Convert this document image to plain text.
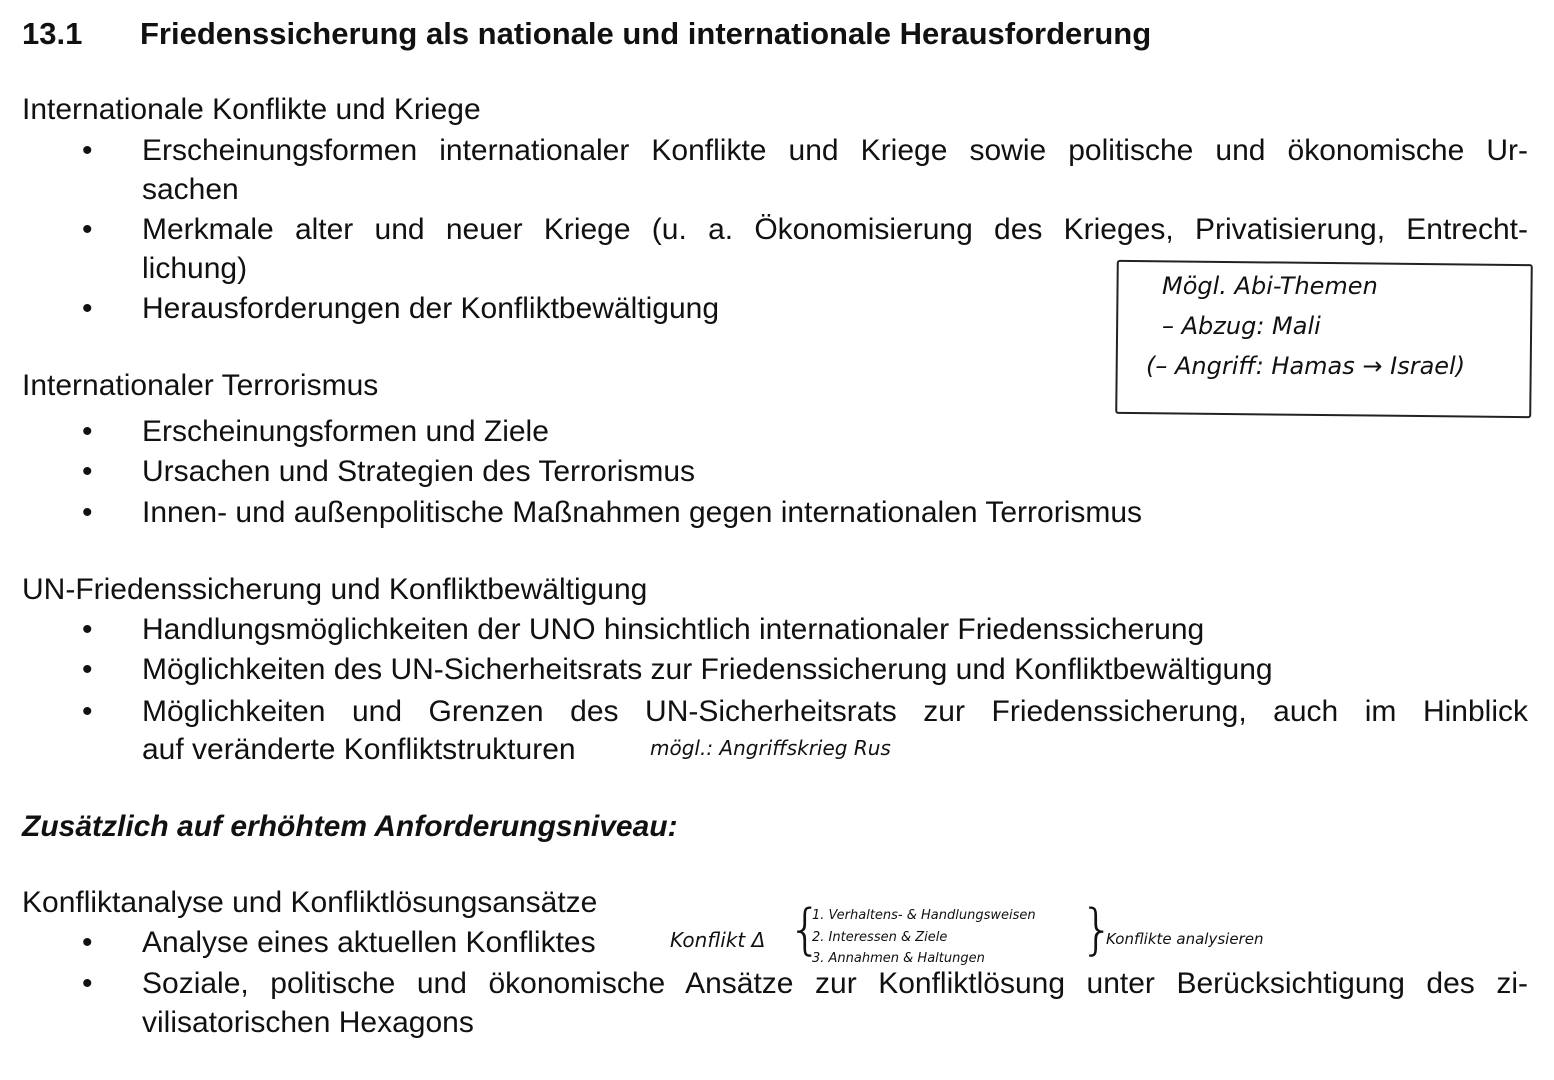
13.1 Friedenssicherung als nationale und internationale Herausforderung
Internationale Konflikte und Kriege
• Erscheinungsformen internationaler Konflikte und Kriege sowie politische und ökonomische Ur-
sachen
• Merkmale alter und neuer Kriege (u. a. Ökonomisierung des Krieges, Privatisierung, Entrecht-
lichung)
• Herausforderungen der Konfliktbewältigung
Mögl. Abi-Themen
– Abzug: Mali
(– Angriff: Hamas → Israel)
Internationaler Terrorismus
• Erscheinungsformen und Ziele
• Ursachen und Strategien des Terrorismus
• Innen- und außenpolitische Maßnahmen gegen internationalen Terrorismus
UN-Friedenssicherung und Konfliktbewältigung
• Handlungsmöglichkeiten der UNO hinsichtlich internationaler Friedenssicherung
• Möglichkeiten des UN-Sicherheitsrats zur Friedenssicherung und Konfliktbewältigung
• Möglichkeiten und Grenzen des UN-Sicherheitsrats zur Friedenssicherung, auch im Hinblick
auf veränderte Konfliktstrukturen	mögl.: Angriffskrieg Rus
Zusätzlich auf erhöhtem Anforderungsniveau:
Konfliktanalyse und Konfliktlösungsansätze
• Analyse eines aktuellen Konfliktes	Konflikt Δ {
1. Verhaltens- & Handlungsweisen
2. Interessen & Ziele
3. Annahmen & Haltungen }
Konflikte analysieren
• Soziale, politische und ökonomische Ansätze zur Konfliktlösung unter Berücksichtigung des zi-
vilisatorischen Hexagons
